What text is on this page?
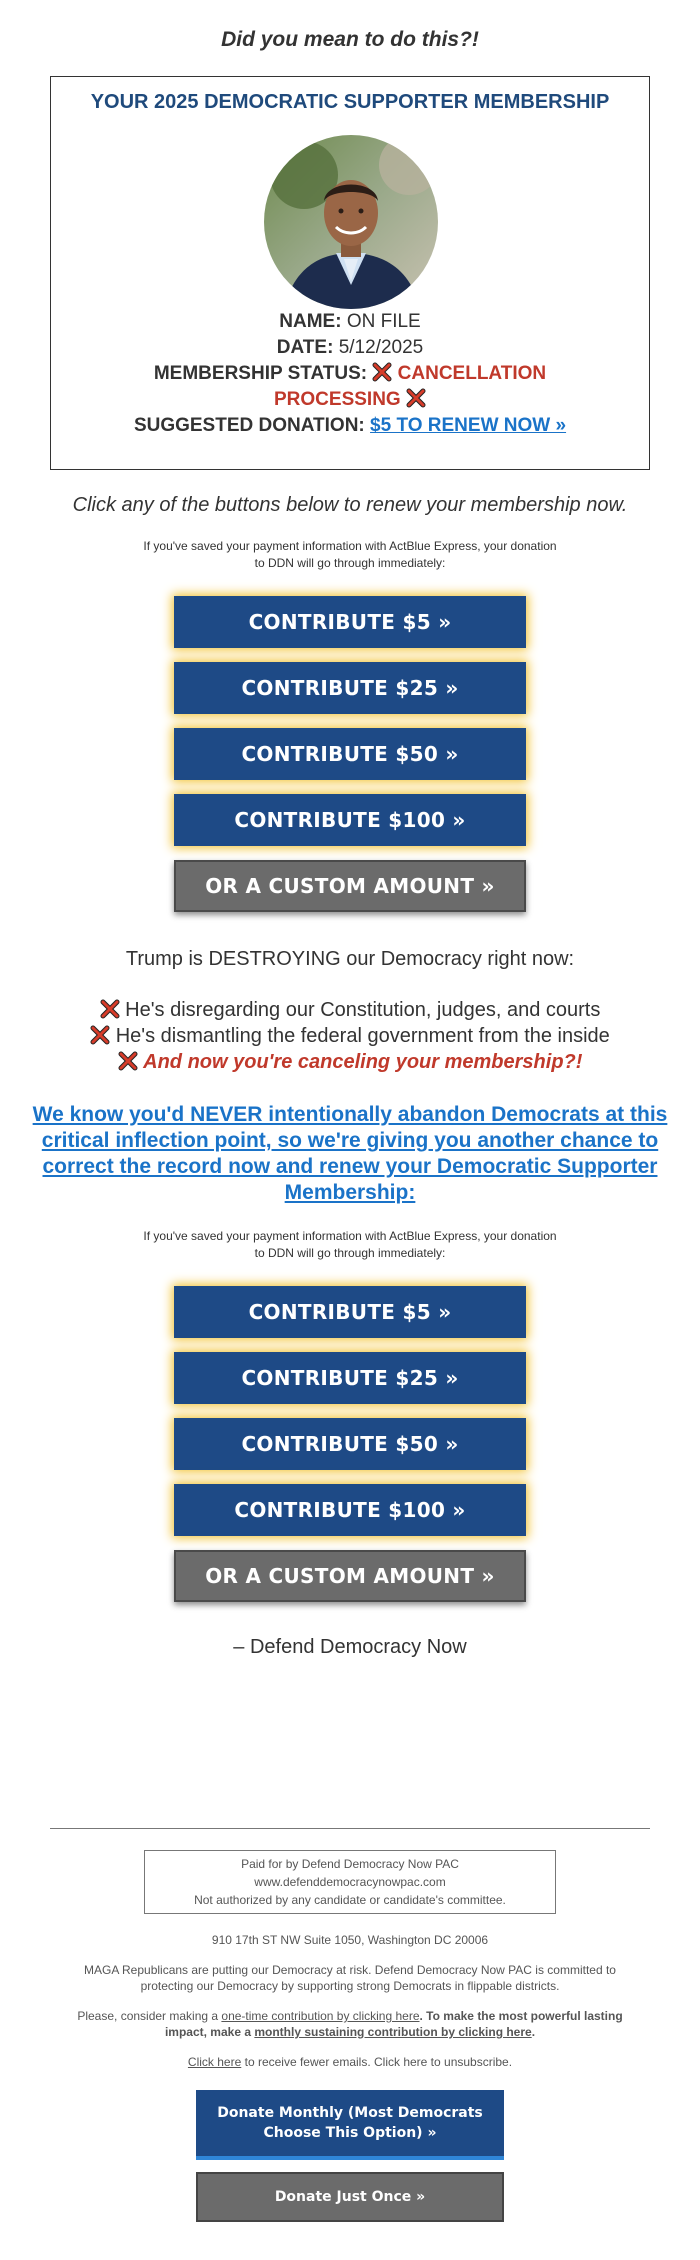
Did you mean to do this?!
YOUR 2025 DEMOCRATIC SUPPORTER MEMBERSHIP
NAME: ON FILE
DATE: 5/12/2025
MEMBERSHIP STATUS: CANCELLATION
PROCESSING
SUGGESTED DONATION: $5 TO RENEW NOW »
Click any of the buttons below to renew your membership now.
If you've saved your payment information with ActBlue Express, your donation
to DDN will go through immediately:
CONTRIBUTE $5 »
CONTRIBUTE $25 »
CONTRIBUTE $50 »
CONTRIBUTE $100 »
OR A CUSTOM AMOUNT »
Trump is DESTROYING our Democracy right now:
He's disregarding our Constitution, judges, and courts
He's dismantling the federal government from the inside
And now you're canceling your membership?!
We know you'd NEVER intentionally abandon Democrats at this critical inflection point, so we're giving you another chance to correct the record now and renew your Democratic Supporter Membership:
If you've saved your payment information with ActBlue Express, your donation
to DDN will go through immediately:
CONTRIBUTE $5 »
CONTRIBUTE $25 »
CONTRIBUTE $50 »
CONTRIBUTE $100 »
OR A CUSTOM AMOUNT »
– Defend Democracy Now
Paid for by Defend Democracy Now PAC
www.defenddemocracynowpac.com
Not authorized by any candidate or candidate's committee.
910 17th ST NW Suite 1050, Washington DC 20006
MAGA Republicans are putting our Democracy at risk. Defend Democracy Now PAC is committed to protecting our Democracy by supporting strong Democrats in flippable districts.
Please, consider making a one-time contribution by clicking here. To make the most powerful lasting impact, make a monthly sustaining contribution by clicking here.
Click here to receive fewer emails. Click here to unsubscribe.
Donate Monthly (Most Democrats Choose This Option) »
Donate Just Once »
